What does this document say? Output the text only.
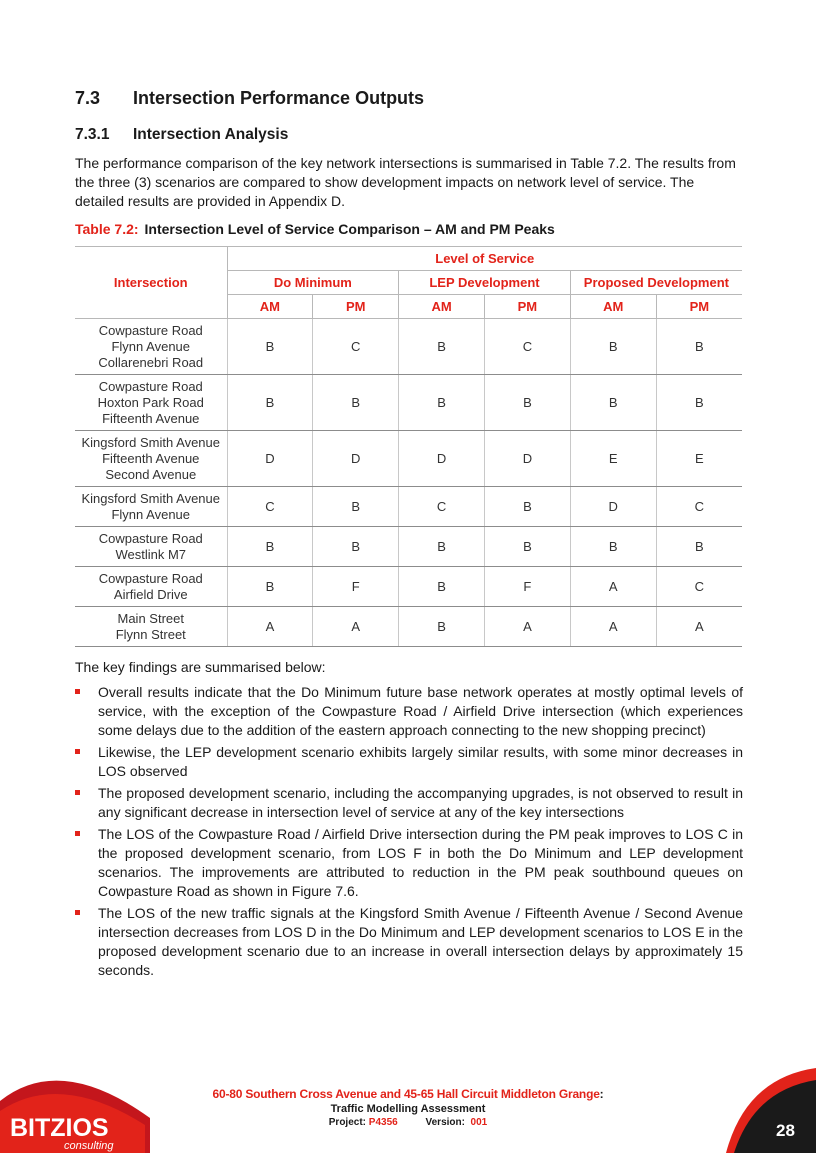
7.3 Intersection Performance Outputs
7.3.1 Intersection Analysis

The performance comparison of the key network intersections is summarised in Table 7.2. The results from the three (3) scenarios are compared to show development impacts on network level of service. The detailed results are provided in Appendix D.

Table 7.2: Intersection Level of Service Comparison – AM and PM Peaks
Intersection	Level of Service					
	Do Minimum		LEP Development		Proposed Development	
	AM	PM	AM	PM	AM	PM

Cowpasture Road
Flynn Avenue
Collarenebri Road	B	C	B	C	B	B

Cowpasture Road
Hoxton Park Road
Fifteenth Avenue	B	B	B	B	B	B

Kingsford Smith Avenue
Fifteenth Avenue
Second Avenue	D	D	D	D	E	E

Kingsford Smith Avenue
Flynn Avenue	C	B	C	B	D	C

Cowpasture Road
Westlink M7	B	B	B	B	B	B

Cowpasture Road
Airfield Drive	B	F	B	F	A	C

Main Street
Flynn Street	A	A	B	A	A	A
The key findings are summarised below:
Overall results indicate that the Do Minimum future base network operates at mostly optimal levels of service, with the exception of the Cowpasture Road / Airfield Drive intersection (which experiences some delays due to the addition of the eastern approach connecting to the new shopping precinct)
Likewise, the LEP development scenario exhibits largely similar results, with some minor decreases in LOS observed
The proposed development scenario, including the accompanying upgrades, is not observed to result in any significant decrease in intersection level of service at any of the key intersections
The LOS of the Cowpasture Road / Airfield Drive intersection during the PM peak improves to LOS C in the proposed development scenario, from LOS F in both the Do Minimum and LEP development scenarios. The improvements are attributed to reduction in the PM peak southbound queues on Cowpasture Road as shown in Figure 7.6.
The LOS of the new traffic signals at the Kingsford Smith Avenue / Fifteenth Avenue / Second Avenue intersection decreases from LOS D in the Do Minimum and LEP development scenarios to LOS E in the proposed development scenario due to an increase in overall intersection delays by approximately 15 seconds.
BITZIOS
consulting
60-80 Southern Cross Avenue and 45-65 Hall Circuit Middleton Grange:
Traffic Modelling Assessment
Project: P4356	Version: 001	28
